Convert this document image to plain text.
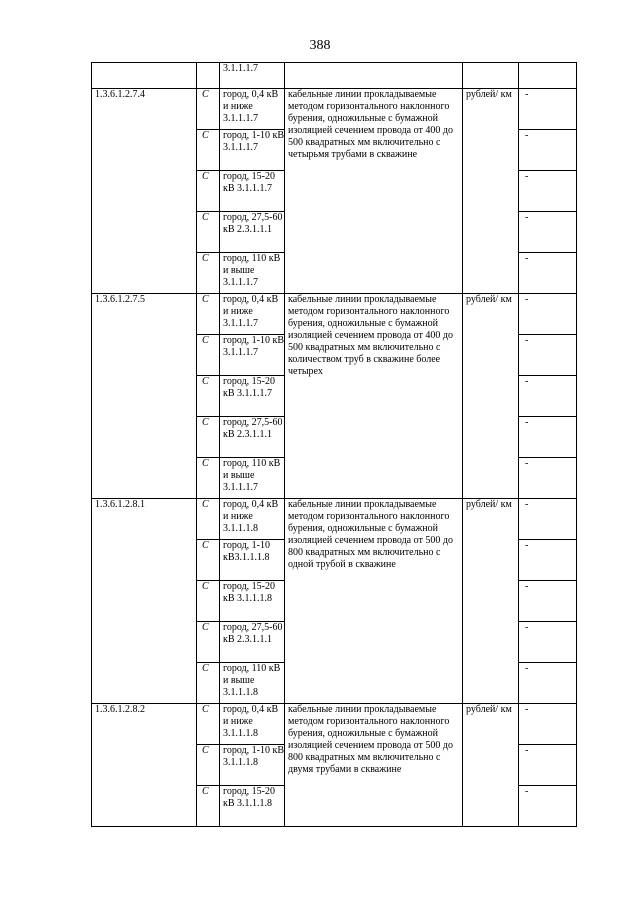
388
		3.1.1.1.7			
1.3.6.1.2.7.4	С	город, 0,4 кВ и ниже 3.1.1.1.7	кабельные линии прокладываемые методом горизонтального наклонного бурения, одножильные с бумажной изоляцией сечением провода от 400 до 500 квадратных мм включительно с четырьмя трубами в скважине	рублей/ км	-
	С	город, 1-10 кВ 3.1.1.1.7			-
	С	город, 15-20 кВ 3.1.1.1.7			-
	С	город, 27,5-60 кВ 2.3.1.1.1			-
	С	город, 110 кВ и выше 3.1.1.1.7			-
1.3.6.1.2.7.5	С	город, 0,4 кВ и ниже 3.1.1.1.7	кабельные линии прокладываемые методом горизонтального наклонного бурения, одножильные с бумажной изоляцией сечением провода от 400 до 500 квадратных мм включительно с количеством труб в скважине более четырех	рублей/ км	-
	С	город, 1-10 кВ 3.1.1.1.7			-
	С	город, 15-20 кВ 3.1.1.1.7			-
	С	город, 27,5-60 кВ 2.3.1.1.1			-
	С	город, 110 кВ и выше 3.1.1.1.7			-
1.3.6.1.2.8.1	С	город, 0,4 кВ и ниже 3.1.1.1.8	кабельные линии прокладываемые методом горизонтального наклонного бурения, одножильные с бумажной изоляцией сечением провода от 500 до 800 квадратных мм включительно с одной трубой в скважине	рублей/ км	-
	С	город, 1-10 кВ3.1.1.1.8			-
	С	город, 15-20 кВ 3.1.1.1.8			-
	С	город, 27,5-60 кВ 2.3.1.1.1			-
	С	город, 110 кВ и выше 3.1.1.1.8			-
1.3.6.1.2.8.2	С	город, 0,4 кВ и ниже 3.1.1.1.8	кабельные линии прокладываемые методом горизонтального наклонного бурения, одножильные с бумажной изоляцией сечением провода от 500 до 800 квадратных мм включительно с двумя трубами в скважине	рублей/ км	-
	С	город, 1-10 кВ 3.1.1.1.8			-
	С	город, 15-20 кВ 3.1.1.1.8			-
